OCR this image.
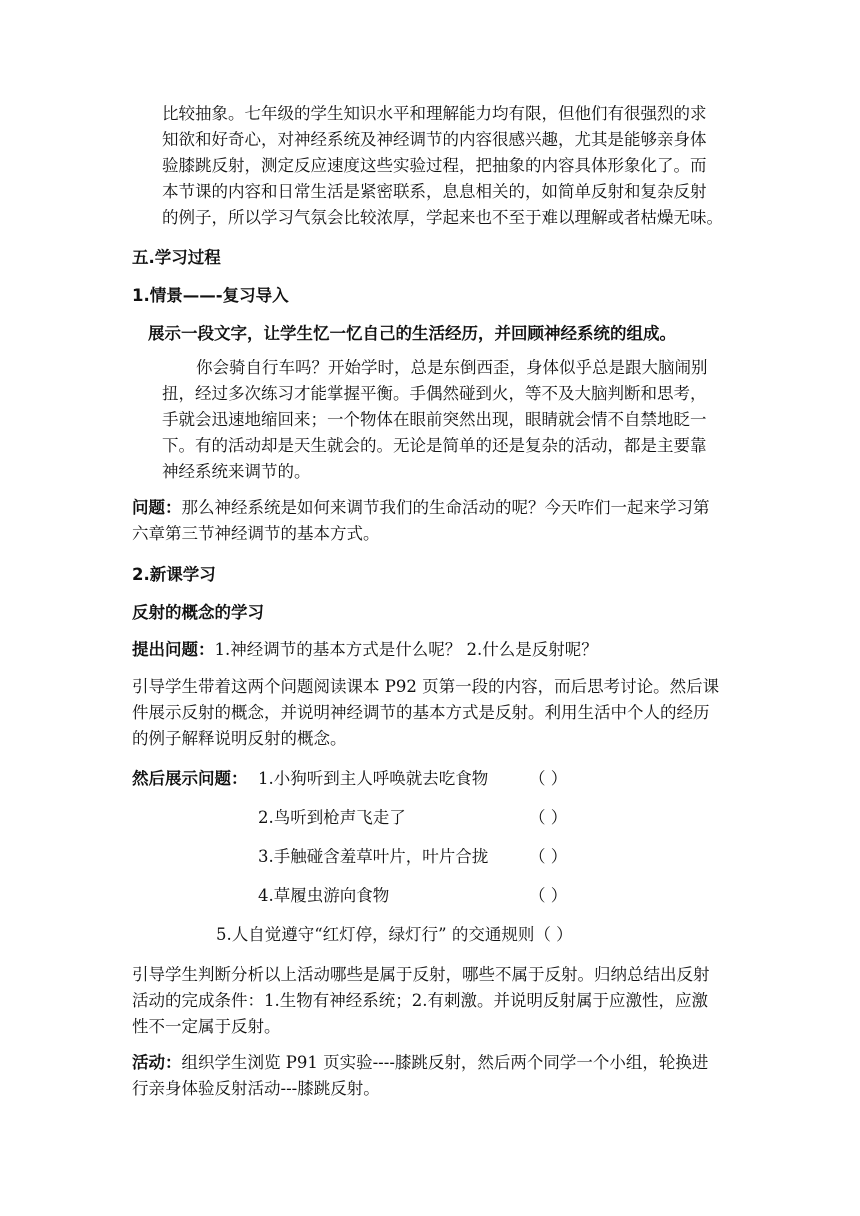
比较抽象。七年级的学生知识水平和理解能力均有限，但他们有很强烈的求
知欲和好奇心，对神经系统及神经调节的内容很感兴趣，尤其是能够亲身体
验膝跳反射，测定反应速度这些实验过程，把抽象的内容具体形象化了。而
本节课的内容和日常生活是紧密联系，息息相关的，如简单反射和复杂反射
的例子，所以学习气氛会比较浓厚，学起来也不至于难以理解或者枯燥无味。
五.学习过程
1.情景——-复习导入
展示一段文字，让学生忆一忆自己的生活经历，并回顾神经系统的组成。
你会骑自行车吗？开始学时，总是东倒西歪，身体似乎总是跟大脑闹别
扭，经过多次练习才能掌握平衡。手偶然碰到火，等不及大脑判断和思考，
手就会迅速地缩回来；一个物体在眼前突然出现，眼睛就会情不自禁地眨一
下。有的活动却是天生就会的。无论是简单的还是复杂的活动，都是主要靠
神经系统来调节的。
问题：那么神经系统是如何来调节我们的生命活动的呢？今天咋们一起来学习第
六章第三节神经调节的基本方式。
2.新课学习
反射的概念的学习
提出问题：1.神经调节的基本方式是什么呢？ 2.什么是反射呢？
引导学生带着这两个问题阅读课本 P92 页第一段的内容，而后思考讨论。然后课
件展示反射的概念，并说明神经调节的基本方式是反射。利用生活中个人的经历
的例子解释说明反射的概念。
然后展示问题： 1.小狗听到主人呼唤就去吃食物 （ ）
2.鸟听到枪声飞走了	（ ）
3.手触碰含羞草叶片，叶片合拢 （ ）
4.草履虫游向食物	（ ）
5.人自觉遵守“红灯停，绿灯行” 的交通规则（ ）
引导学生判断分析以上活动哪些是属于反射，哪些不属于反射。归纳总结出反射
活动的完成条件：1.生物有神经系统；2.有刺激。并说明反射属于应激性，应激
性不一定属于反射。
活动：组织学生浏览 P91 页实验----膝跳反射，然后两个同学一个小组，轮换进
行亲身体验反射活动---膝跳反射。
